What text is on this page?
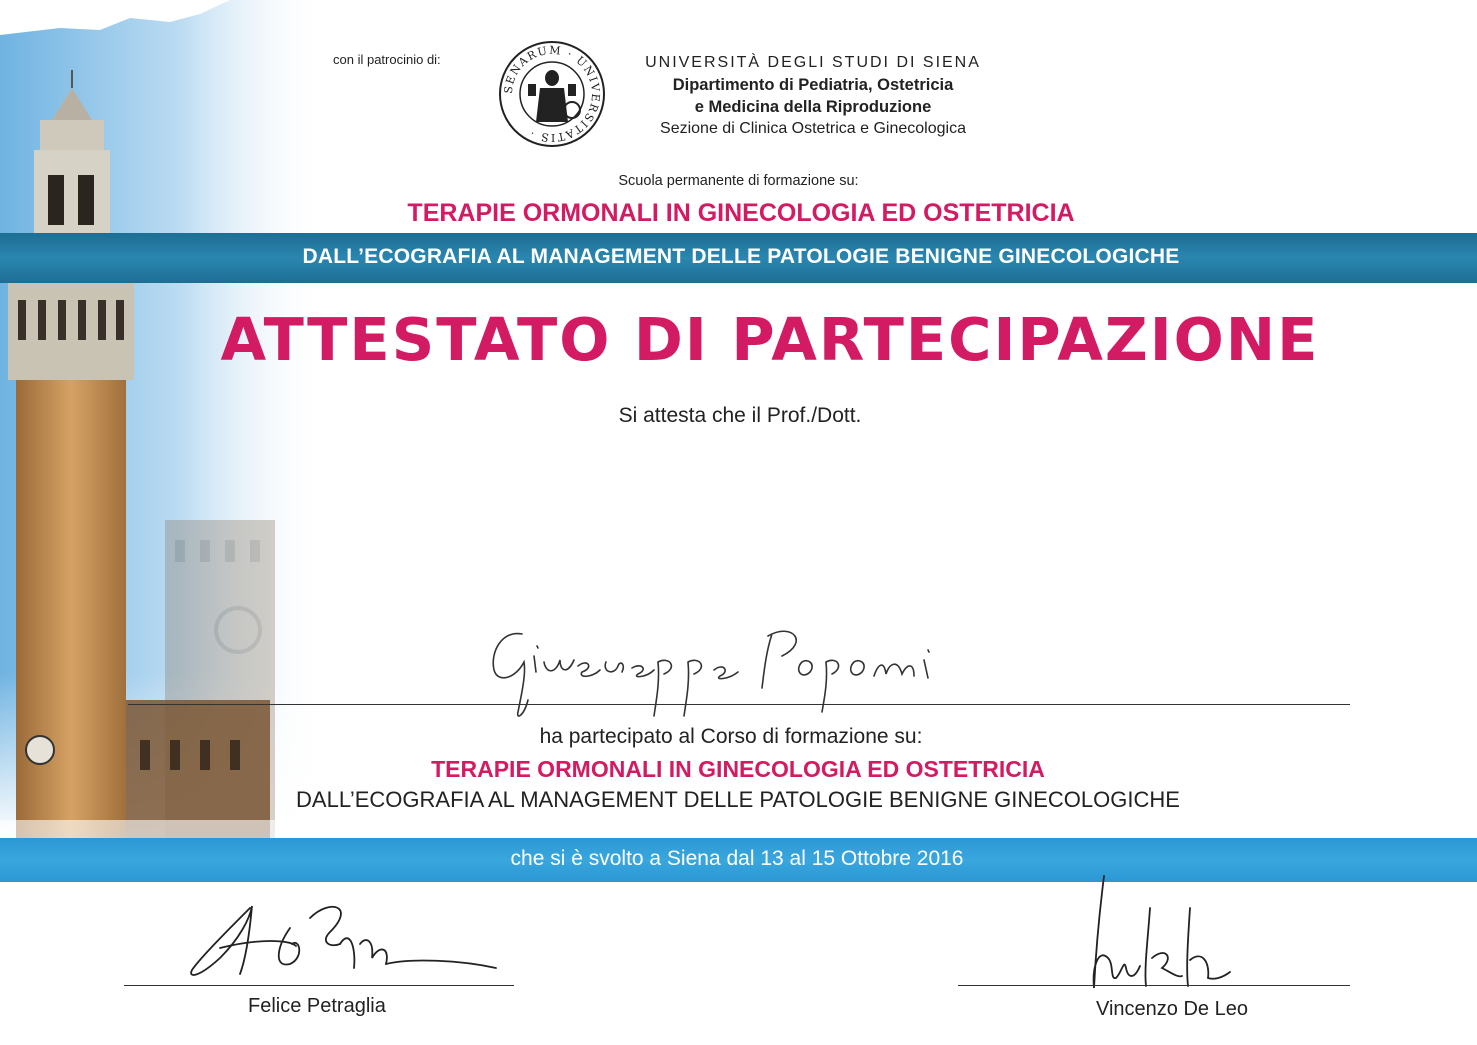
con il patrocinio di:
SENARUM · UNIVERSITATIS ·
UNIVERSITÀ DEGLI STUDI DI SIENA
Dipartimento di Pediatria, Ostetricia
e Medicina della Riproduzione
Sezione di Clinica Ostetrica e Ginecologica
Scuola permanente di formazione su:
TERAPIE ORMONALI IN GINECOLOGIA ED OSTETRICIA
DALL’ECOGRAFIA AL MANAGEMENT DELLE PATOLOGIE BENIGNE GINECOLOGICHE
ATTESTATO DI PARTECIPAZIONE
Si attesta che il Prof./Dott.
ha partecipato al Corso di formazione su:
TERAPIE ORMONALI IN GINECOLOGIA ED OSTETRICIA
DALL’ECOGRAFIA AL MANAGEMENT DELLE PATOLOGIE BENIGNE GINECOLOGICHE
che si è svolto a Siena dal 13 al 15 Ottobre 2016
Felice Petraglia	Vincenzo De Leo
